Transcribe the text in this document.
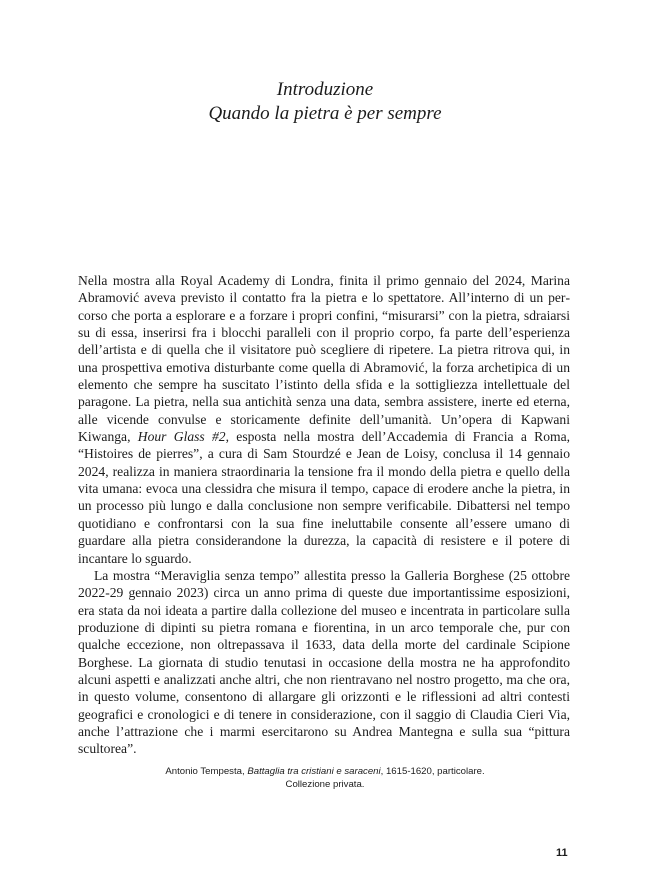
Introduzione
Quando la pietra è per sempre

Nella mostra alla Royal Academy di Londra, finita il primo gennaio del 2024, Marina Abramović aveva previsto il contatto fra la pietra e lo spettatore. All’interno di un percorso che porta a esplorare e a forzare i propri confini, “misurarsi” con la pietra, sdraiarsi su di essa, inserirsi fra i blocchi paralleli con il proprio corpo, fa parte dell’esperienza dell’artista e di quella che il visitatore può scegliere di ripetere. La pietra ritrova qui, in una prospettiva emotiva disturbante come quella di Abramović, la forza archetipica di un elemento che sempre ha suscitato l’istinto della sfida e la sottigliezza intellettuale del paragone. La pietra, nella sua antichità senza una data, sembra assistere, inerte ed eterna, alle vicende convulse e storicamente definite dell’umanità. Un’opera di Kapwani Kiwanga, Hour Glass #2, esposta nella mostra dell’Accademia di Francia a Roma, “Histoires de pierres”, a cura di Sam Stourdzé e Jean de Loisy, conclusa il 14 gennaio 2024, realizza in maniera straordinaria la tensione fra il mondo della pietra e quello della vita umana: evoca una clessidra che misura il tempo, capace di erodere anche la pietra, in un processo più lungo e dalla conclusione non sempre verificabile. Dibattersi nel tempo quotidiano e confrontarsi con la sua fine ineluttabile consente all’essere umano di guardare alla pietra considerandone la durezza, la capacità di resistere e il potere di incantare lo sguardo.

La mostra “Meraviglia senza tempo” allestita presso la Galleria Borghese (25 ottobre 2022-29 gennaio 2023) circa un anno prima di queste due importantissime esposizioni, era stata da noi ideata a partire dalla collezione del museo e incentrata in particolare sulla produzione di dipinti su pietra romana e fiorentina, in un arco temporale che, pur con qualche eccezione, non oltrepassava il 1633, data della morte del cardinale Scipione Borghese. La giornata di studio tenutasi in occasione della mostra ne ha approfondito alcuni aspetti e analizzati anche altri, che non rientravano nel nostro progetto, ma che ora, in questo volume, consentono di allargare gli orizzonti e le riflessioni ad altri contesti geografici e cronologici e di tenere in considerazione, con il saggio di Claudia Cieri Via, anche l’attrazione che i marmi esercitarono su Andrea Mantegna e sulla sua “pittura scultorea”.

Antonio Tempesta, Battaglia tra cristiani e saraceni, 1615-1620, particolare.
Collezione privata.
11
